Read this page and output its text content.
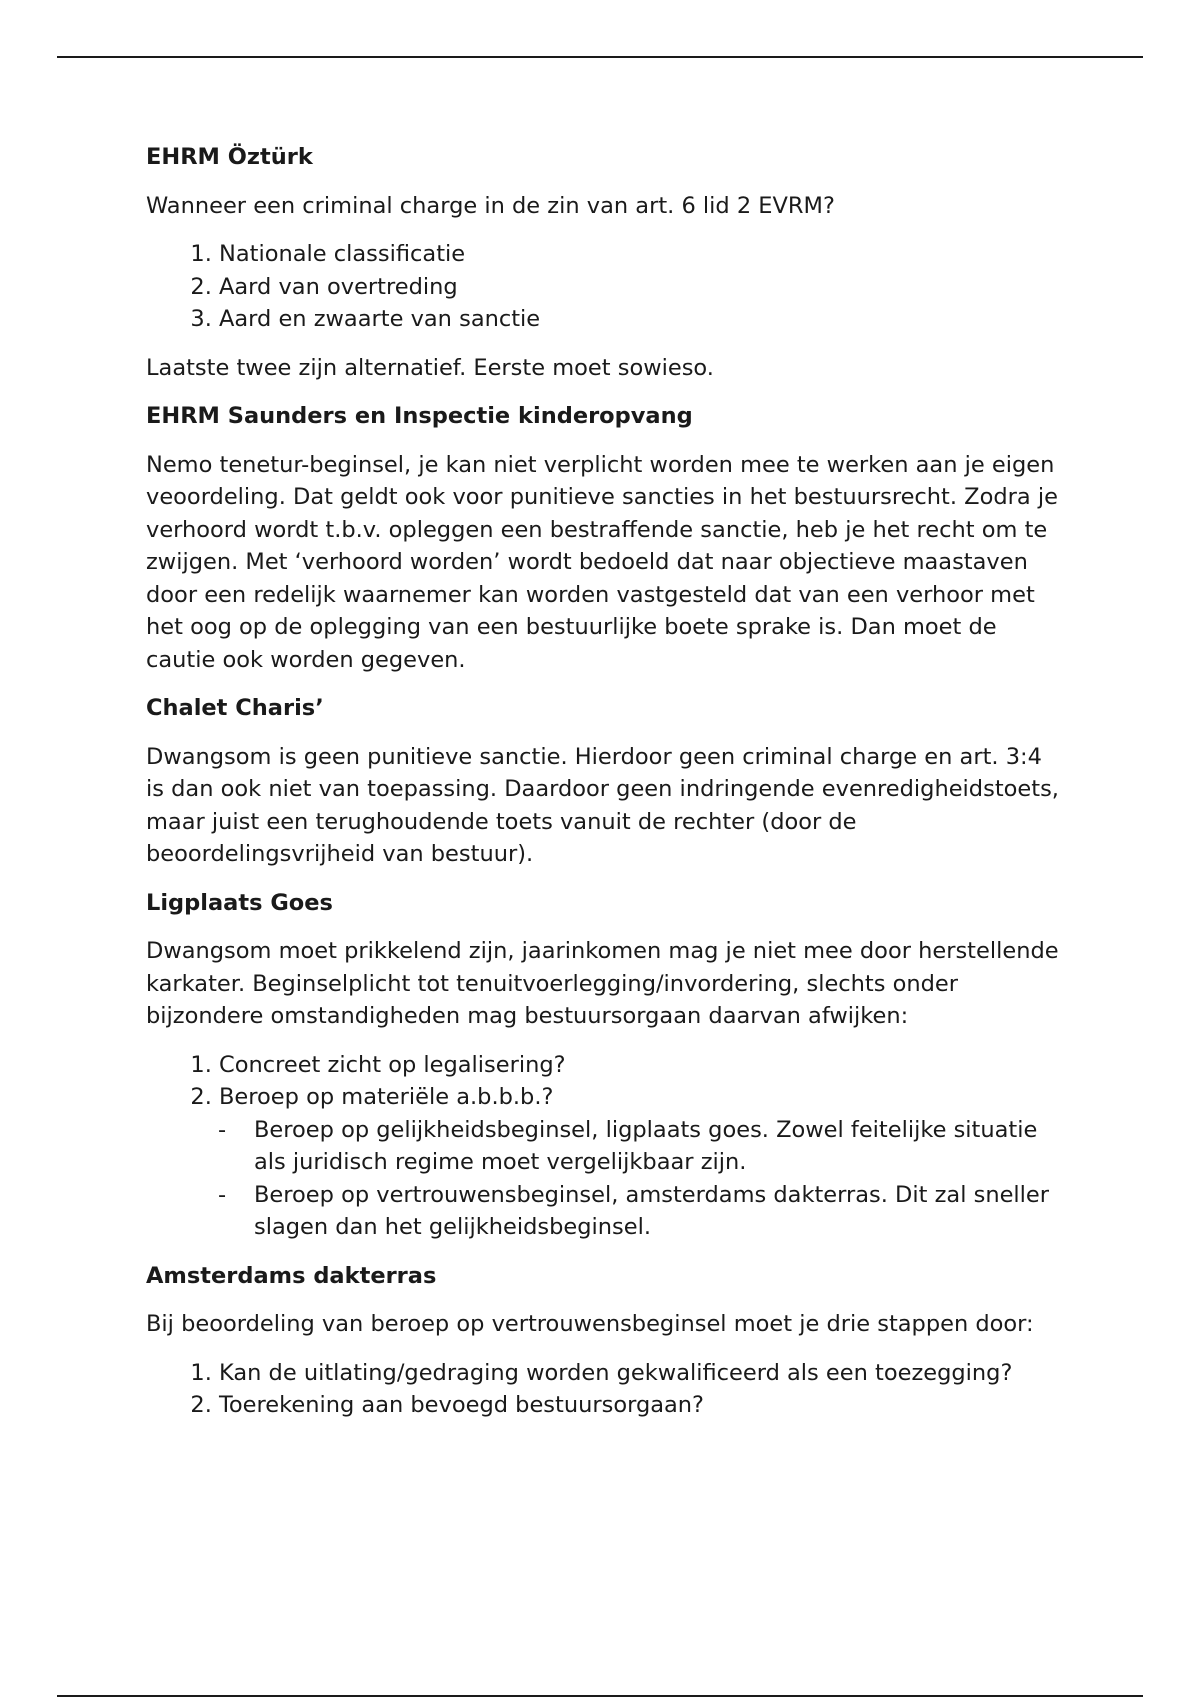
EHRM Öztürk

Wanneer een criminal charge in de zin van art. 6 lid 2 EVRM?

1. Nationale classificatie
2. Aard van overtreding
3. Aard en zwaarte van sanctie

Laatste twee zijn alternatief. Eerste moet sowieso.

EHRM Saunders en Inspectie kinderopvang

Nemo tenetur-beginsel, je kan niet verplicht worden mee te werken aan je eigen veoordeling. Dat geldt ook voor punitieve sancties in het bestuursrecht. Zodra je verhoord wordt t.b.v. opleggen een bestraffende sanctie, heb je het recht om te zwijgen. Met ‘verhoord worden’ wordt bedoeld dat naar objectieve maastaven door een redelijk waarnemer kan worden vastgesteld dat van een verhoor met het oog op de oplegging van een bestuurlijke boete sprake is. Dan moet de cautie ook worden gegeven.

Chalet Charis’

Dwangsom is geen punitieve sanctie. Hierdoor geen criminal charge en art. 3:4 is dan ook niet van toepassing. Daardoor geen indringende evenredigheidstoets, maar juist een terughoudende toets vanuit de rechter (door de beoordelingsvrijheid van bestuur).

Ligplaats Goes

Dwangsom moet prikkelend zijn, jaarinkomen mag je niet mee door herstellende karkater. Beginselplicht tot tenuitvoerlegging/invordering, slechts onder bijzondere omstandigheden mag bestuursorgaan daarvan afwijken:

1. Concreet zicht op legalisering?
2. Beroep op materiële a.b.b.b.?
- Beroep op gelijkheidsbeginsel, ligplaats goes. Zowel feitelijke situatie als juridisch regime moet vergelijkbaar zijn.
- Beroep op vertrouwensbeginsel, amsterdams dakterras. Dit zal sneller slagen dan het gelijkheidsbeginsel.
Amsterdams dakterras

Bij beoordeling van beroep op vertrouwensbeginsel moet je drie stappen door:

1. Kan de uitlating/gedraging worden gekwalificeerd als een toezegging?
2. Toerekening aan bevoegd bestuursorgaan?
